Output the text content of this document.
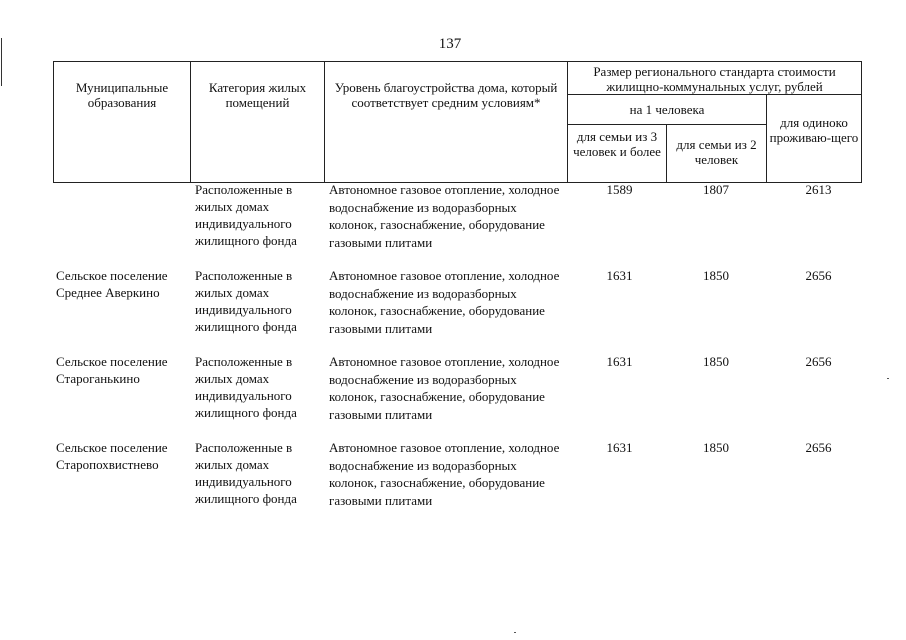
137
Муниципальные образования	Категория жилых помещений	Уровень благоустройства дома, который соответствует средним условиям*	Размер регионального стандарта стоимости жилищно-коммунальных услуг, рублей		
			на 1 человека		для одиноко проживаю-щего
			для семьи из 3 человек и более	для семьи из 2 человек	
	Расположенные в жилых домах индивидуального жилищного фонда	Автономное газовое отопление, холодное водоснабжение из водоразборных колонок, газоснабжение, оборудование газовыми плитами	1589	1807	2613
Сельское поселение Среднее Аверкино	Расположенные в жилых домах индивидуального жилищного фонда	Автономное газовое отопление, холодное водоснабжение из водоразборных колонок, газоснабжение, оборудование газовыми плитами	1631	1850	2656
Сельское поселение Староганькино	Расположенные в жилых домах индивидуального жилищного фонда	Автономное газовое отопление, холодное водоснабжение из водоразборных колонок, газоснабжение, оборудование газовыми плитами	1631	1850	2656
Сельское поселение Старопохвистнево	Расположенные в жилых домах индивидуального жилищного фонда	Автономное газовое отопление, холодное водоснабжение из водоразборных колонок, газоснабжение, оборудование газовыми плитами	1631	1850	2656
